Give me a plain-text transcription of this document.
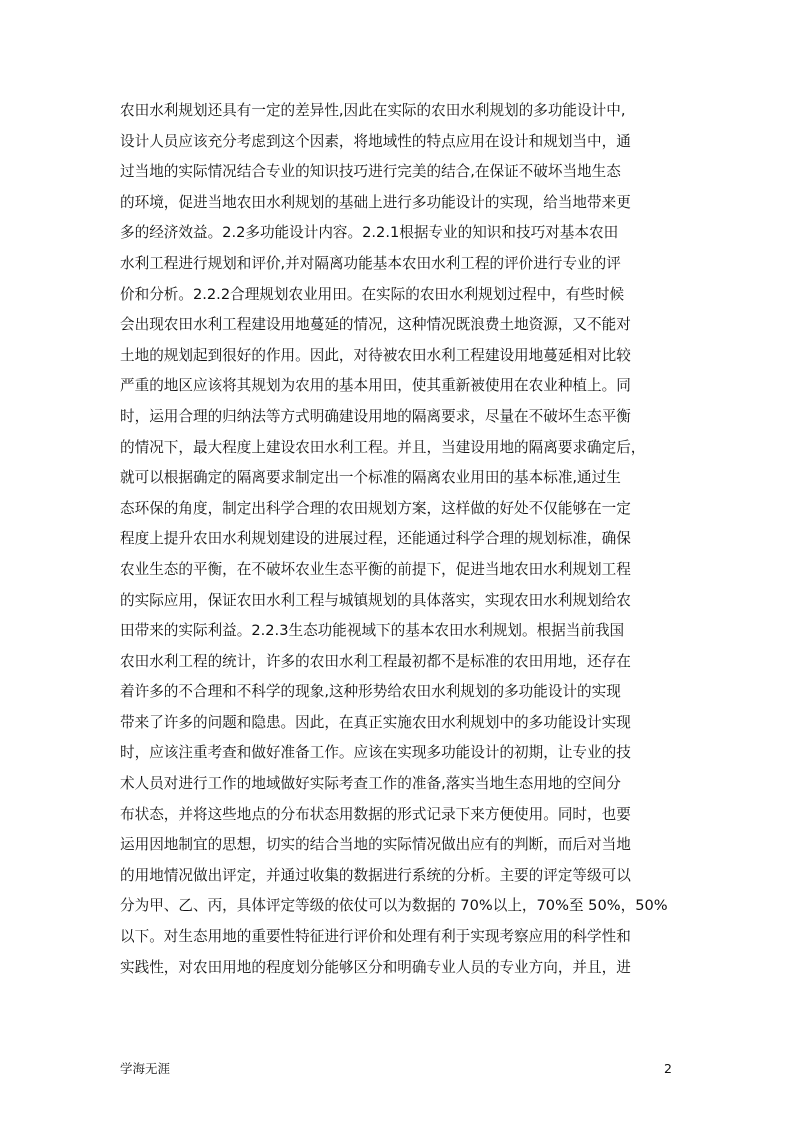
农田水利规划还具有一定的差异性,因此在实际的农田水利规划的多功能设计中,
设计人员应该充分考虑到这个因素，将地域性的特点应用在设计和规划当中，通
过当地的实际情况结合专业的知识技巧进行完美的结合,在保证不破坏当地生态
的环境，促进当地农田水利规划的基础上进行多功能设计的实现，给当地带来更
多的经济效益。2.2多功能设计内容。2.2.1根据专业的知识和技巧对基本农田
水利工程进行规划和评价,并对隔离功能基本农田水利工程的评价进行专业的评
价和分析。2.2.2合理规划农业用田。在实际的农田水利规划过程中，有些时候
会出现农田水利工程建设用地蔓延的情况，这种情况既浪费土地资源，又不能对
土地的规划起到很好的作用。因此，对待被农田水利工程建设用地蔓延相对比较
严重的地区应该将其规划为农用的基本用田，使其重新被使用在农业种植上。同
时，运用合理的归纳法等方式明确建设用地的隔离要求，尽量在不破坏生态平衡
的情况下，最大程度上建设农田水利工程。并且，当建设用地的隔离要求确定后，
就可以根据确定的隔离要求制定出一个标准的隔离农业用田的基本标准,通过生
态环保的角度，制定出科学合理的农田规划方案，这样做的好处不仅能够在一定
程度上提升农田水利规划建设的进展过程，还能通过科学合理的规划标准，确保
农业生态的平衡，在不破坏农业生态平衡的前提下，促进当地农田水利规划工程
的实际应用，保证农田水利工程与城镇规划的具体落实，实现农田水利规划给农
田带来的实际利益。2.2.3生态功能视域下的基本农田水利规划。根据当前我国
农田水利工程的统计，许多的农田水利工程最初都不是标准的农田用地，还存在
着许多的不合理和不科学的现象,这种形势给农田水利规划的多功能设计的实现
带来了许多的问题和隐患。因此，在真正实施农田水利规划中的多功能设计实现
时，应该注重考查和做好准备工作。应该在实现多功能设计的初期，让专业的技
术人员对进行工作的地域做好实际考查工作的准备,落实当地生态用地的空间分
布状态，并将这些地点的分布状态用数据的形式记录下来方便使用。同时，也要
运用因地制宜的思想，切实的结合当地的实际情况做出应有的判断，而后对当地
的用地情况做出评定，并通过收集的数据进行系统的分析。主要的评定等级可以
分为甲、乙、丙，具体评定等级的依仗可以为数据的 70%以上，70%至 50%，50%
以下。对生态用地的重要性特征进行评价和处理有利于实现考察应用的科学性和
实践性，对农田用地的程度划分能够区分和明确专业人员的专业方向，并且，进
学海无涯	2
